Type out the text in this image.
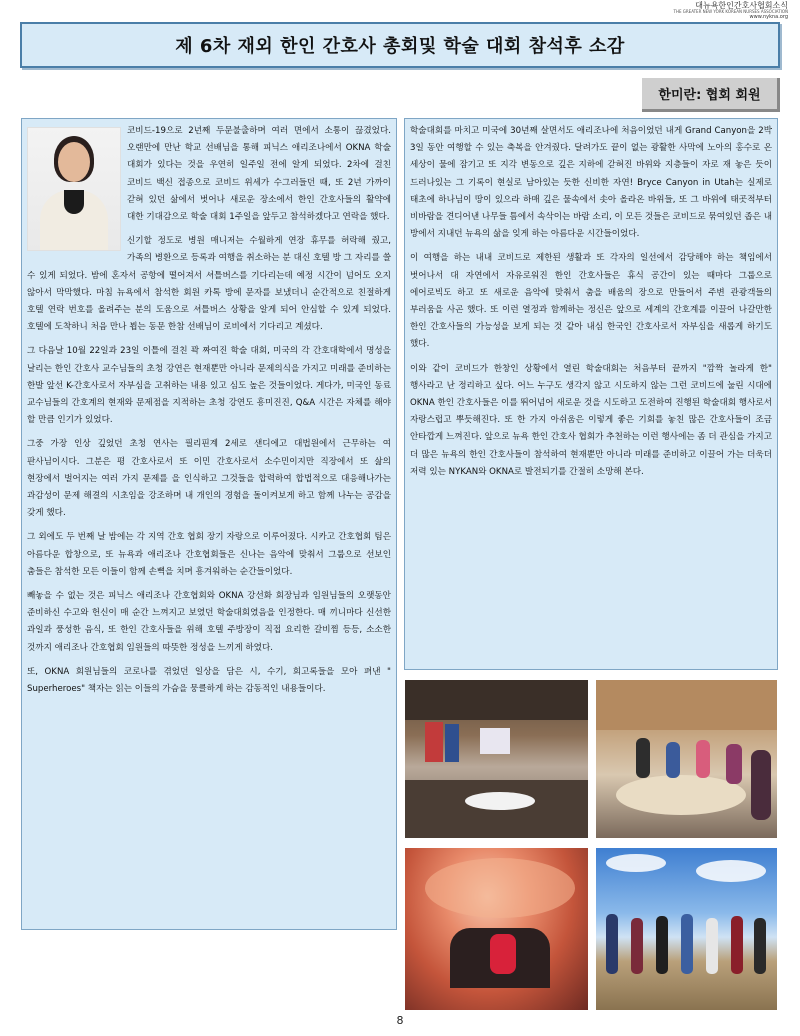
대뉴욕한인간호사협회소식
THE GREATER NEW YORK KOREAN NURSES ASSOCIATION
www.nykna.org
제 6차 재외 한인 간호사 총회및 학술 대회 참석후 소감
한미란: 협회 회원

코비드-19으로 2년째 두문불출하며 여러 면에서 소통이 끊겼었다. 오랜만에 만난 학교 선배님을 통해 피닉스 애리조나에서 OKNA 학술 대회가 있다는 것을 우연히 일주일 전에 알게 되었다. 2차에 걸친 코비드 백신 접종으로 코비드 위세가 수그러들던 때, 또 2년 가까이 갇혀 있던 삶에서 벗어나 새로운 장소에서 한인 간호사들의 활약에 대한 기대감으로 학술 대회 1주일을 앞두고 참석하겠다고 연락을 했다.

신기할 정도로 병원 매니저는 수월하게 연장 휴무를 허락해 줬고, 가족의 병환으로 등록과 여행을 취소하는 분 대신 호텔 방 그 자리를 쓸 수 있게 되었다. 밤에 혼자서 공항에 떨어져서 셔틀버스를 기다리는데 예정 시간이 넘어도 오지 않아서 막막했다. 마침 뉴욕에서 참석한 회원 카톡 방에 문자를 보냈더니 순간적으로 친절하게 호텔 연락 번호를 올려주는 분의 도움으로 셔틀버스 상황을 알게 되어 안심할 수 있게 되었다. 호텔에 도착하니 처음 만나 뵙는 동문 한참 선배님이 로비에서 기다리고 계셨다.

그 다음날 10월 22일과 23일 이틀에 걸친 꽉 짜여진 학술 대회, 미국의 각 간호대학에서 명성을 날리는 한인 간호사 교수님들의 초청 강연은 현재뿐만 아니라 문제의식을 가지고 미래를 준비하는 한발 앞선 K-간호사로서 자부심을 고취하는 내용 있고 심도 높은 것들이었다. 게다가, 미국인 동료 교수님들의 간호계의 현재와 문제점을 지적하는 초청 강연도 흥미진진, Q&A 시간은 자체를 해야 할 만큼 인기가 있었다.

그중 가장 인상 깊었던 초청 연사는 필리핀계 2세로 샌디에고 대법원에서 근무하는 여 판사님이시다. 그분은 평 간호사로서 또 이민 간호사로서 소수민이지만 직장에서 또 삶의 현장에서 벌어지는 여러 가지 문제를 을 인식하고 그것들을 합력하여 합법적으로 대응해나가는 과감성이 문제 해결의 시초임을 강조하며 내 개인의 경험을 돌이켜보게 하고 함께 나누는 공감을 갖게 했다.

그 외에도 두 번째 날 밤에는 각 지역 간호 협회 장기 자랑으로 이루어졌다. 시카고 간호협회 팀은 아름다운 합창으로, 또 뉴욕과 애리조나 간호협회들은 신나는 음악에 맞춰서 그룹으로 선보인 춤들은 참석한 모든 이들이 함께 손뼉을 치며 흥겨워하는 순간들이었다.

빼놓을 수 없는 것은 피닉스 애리조나 간호협회와 OKNA 강선화 회장님과 임원님들의 오랫동안 준비하신 수고와 헌신이 매 순간 느껴지고 보였던 학술대회였음을 인정한다. 매 끼니마다 신선한 과일과 풍성한 음식, 또 한인 간호사들을 위해 호텔 주방장이 직접 요리한 갈비찜 등등, 소소한 것까지 애리조나 간호협회 임원들의 따뜻한 정성을 느끼게 하였다.

또, OKNA 회원님들의 코로나를 겪었던 일상을 담은 시, 수기, 회고록들을 모아 펴낸 " Superheroes" 책자는 읽는 이들의 가슴을 뭉클하게 하는 감동적인 내용들이다.

학술대회를 마치고 미국에 30년째 살면서도 애리조나에 처음이었던 내게 Grand Canyon을 2박 3일 동안 여행할 수 있는 축복을 안겨줬다. 달려가도 끝이 없는 광활한 사막에 노아의 홍수로 온 세상이 물에 잠기고 또 지각 변동으로 깊은 지하에 갇혀진 바위와 지층들이 자로 재 놓은 듯이 드러나있는 그 기록이 현실로 남아있는 듯한 신비한 자연! Bryce Canyon in Utah는 실제로 태초에 하나님이 땅이 있으라 하매 깊은 물속에서 솟아 올라온 바위들, 또 그 바위에 태곳적부터 비바람을 견디어낸 나무들 틈에서 속삭이는 바람 소리, 이 모든 것들은 코비드로 묶여있던 좁은 내 방에서 지내던 뉴욕의 삶을 잊게 하는 아름다운 시간들이었다.

이 여행을 하는 내내 코비드로 제한된 생활과 또 각자의 일선에서 감당해야 하는 책임에서 벗어나서 대 자연에서 자유로워진 한인 간호사들은 휴식 공간이 있는 때마다 그룹으로 에어로빅도 하고 또 새로운 음악에 맞춰서 춤을 배움의 장으로 만들어서 주변 관광객들의 부러움을 사곤 했다. 또 이런 열정과 함께하는 정신은 앞으로 세계의 간호계를 이끌어 나갈만한 한인 간호사들의 가능성을 보게 되는 것 같아 내심 한국인 간호사로서 자부심을 새롭게 하기도 했다.

이와 같이 코비드가 한창인 상황에서 열린 학술대회는 처음부터 끝까지 "깜짝 놀라게 한" 행사라고 난 정리하고 싶다. 어느 누구도 생각지 않고 시도하지 않는 그런 코비드에 눌린 시대에 OKNA 한인 간호사들은 이를 뛰어넘어 새로운 것을 시도하고 도전하여 진행된 학술대회 행사로서 자랑스럽고 뿌듯해진다. 또 한 가지 아쉬움은 이렇게 좋은 기회를 놓친 많은 간호사들이 조금 안타깝게 느껴진다. 앞으로 뉴욕 한인 간호사 협회가 추천하는 이런 행사에는 좀 더 관심을 가지고 더 많은 뉴욕의 한인 간호사들이 참석하여 현재뿐만 아니라 미래를 준비하고 이끌어 가는 더욱더 저력 있는 NYKAN와 OKNA로 발전되기를 간절히 소망해 본다.

8
